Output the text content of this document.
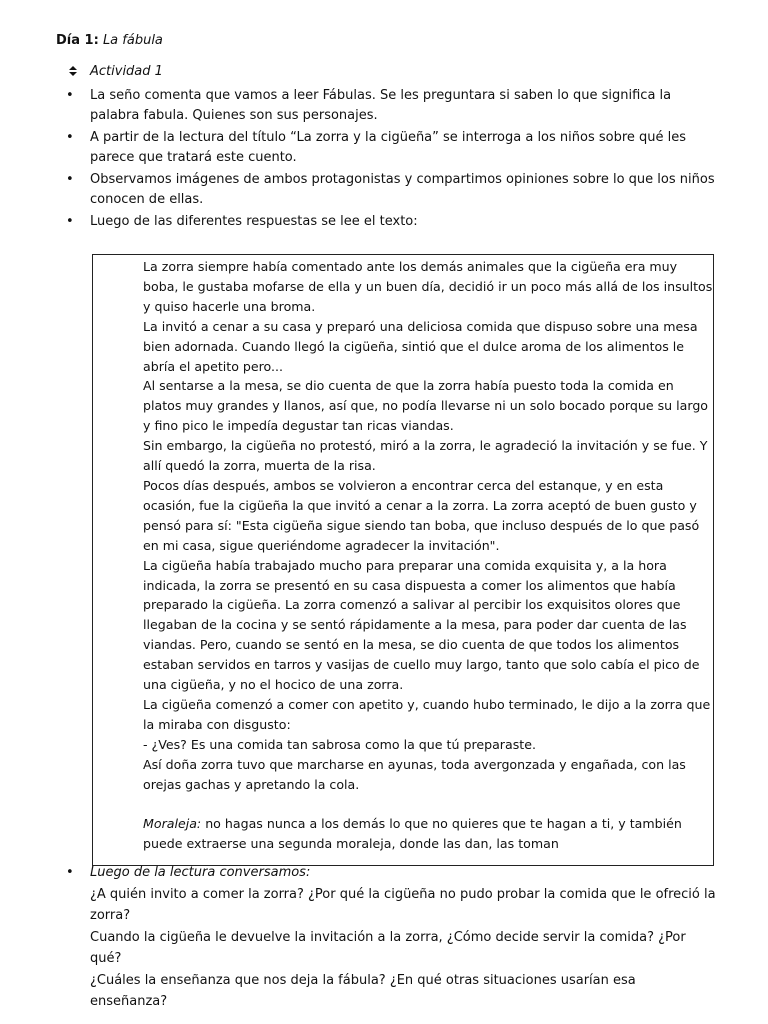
Día 1: La fábula
Actividad 1
• La seño comenta que vamos a leer Fábulas. Se les preguntara si saben lo que significa la palabra fabula. Quienes son sus personajes.
• A partir de la lectura del título “La zorra y la cigüeña” se interroga a los niños sobre qué les parece que tratará este cuento.
• Observamos imágenes de ambos protagonistas y compartimos opiniones sobre lo que los niños conocen de ellas.
• Luego de las diferentes respuestas se lee el texto:

La zorra siempre había comentado ante los demás animales que la cigüeña era muy boba, le gustaba mofarse de ella y un buen día, decidió ir un poco más allá de los insultos y quiso hacerle una broma.

La invitó a cenar a su casa y preparó una deliciosa comida que dispuso sobre una mesa bien adornada. Cuando llegó la cigüeña, sintió que el dulce aroma de los alimentos le abría el apetito pero...

Al sentarse a la mesa, se dio cuenta de que la zorra había puesto toda la comida en platos muy grandes y llanos, así que, no podía llevarse ni un solo bocado porque su largo y fino pico le impedía degustar tan ricas viandas.

Sin embargo, la cigüeña no protestó, miró a la zorra, le agradeció la invitación y se fue. Y allí quedó la zorra, muerta de la risa.

Pocos días después, ambos se volvieron a encontrar cerca del estanque, y en esta ocasión, fue la cigüeña la que invitó a cenar a la zorra. La zorra aceptó de buen gusto y pensó para sí: "Esta cigüeña sigue siendo tan boba, que incluso después de lo que pasó en mi casa, sigue queriéndome agradecer la invitación".

La cigüeña había trabajado mucho para preparar una comida exquisita y, a la hora indicada, la zorra se presentó en su casa dispuesta a comer los alimentos que había preparado la cigüeña. La zorra comenzó a salivar al percibir los exquisitos olores que llegaban de la cocina y se sentó rápidamente a la mesa, para poder dar cuenta de las viandas. Pero, cuando se sentó en la mesa, se dio cuenta de que todos los alimentos estaban servidos en tarros y vasijas de cuello muy largo, tanto que solo cabía el pico de una cigüeña, y no el hocico de una zorra.

La cigüeña comenzó a comer con apetito y, cuando hubo terminado, le dijo a la zorra que la miraba con disgusto:

- ¿Ves? Es una comida tan sabrosa como la que tú preparaste.

Así doña zorra tuvo que marcharse en ayunas, toda avergonzada y engañada, con las orejas gachas y apretando la cola.

Moraleja: no hagas nunca a los demás lo que no quieres que te hagan a ti, y también puede extraerse una segunda moraleja, donde las dan, las toman

• Luego de la lectura conversamos:
¿A quién invito a comer la zorra? ¿Por qué la cigüeña no pudo probar la comida que le ofreció la zorra?
Cuando la cigüeña le devuelve la invitación a la zorra, ¿Cómo decide servir la comida? ¿Por qué?
¿Cuáles la enseñanza que nos deja la fábula? ¿En qué otras situaciones usarían esa enseñanza?
